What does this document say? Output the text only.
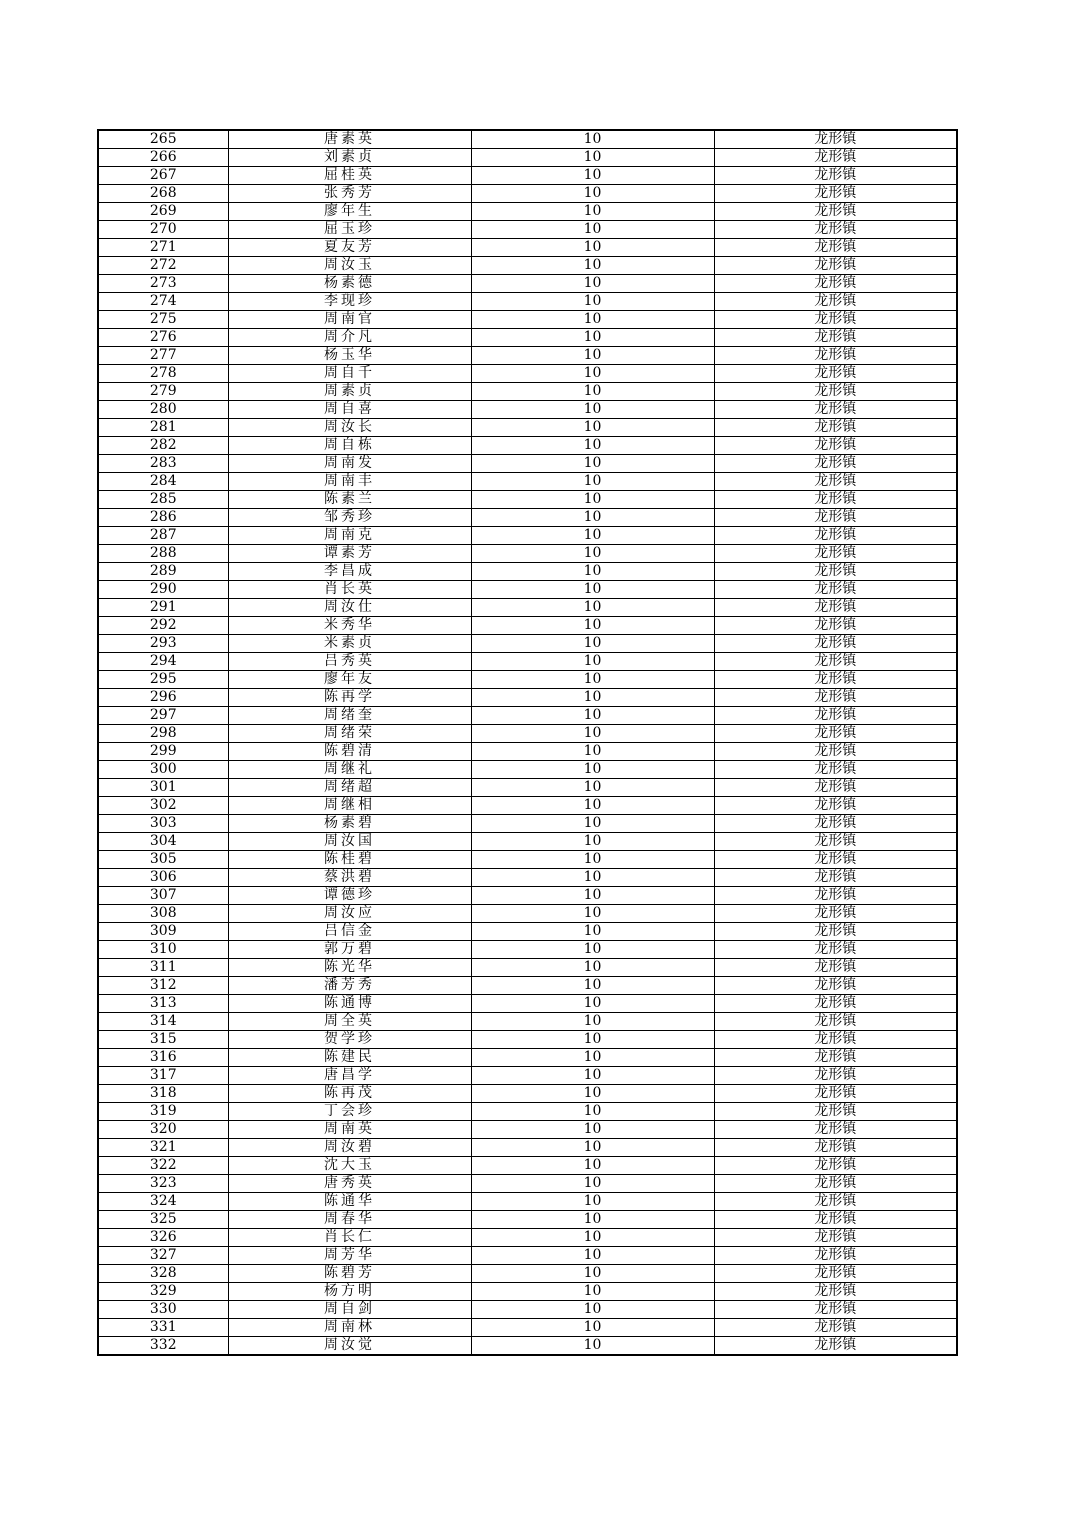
265	唐素英	10	龙形镇
266	刘素贞	10	龙形镇
267	屈桂英	10	龙形镇
268	张秀芳	10	龙形镇
269	廖年生	10	龙形镇
270	屈玉珍	10	龙形镇
271	夏友芳	10	龙形镇
272	周汝玉	10	龙形镇
273	杨素德	10	龙形镇
274	李现珍	10	龙形镇
275	周南官	10	龙形镇
276	周介凡	10	龙形镇
277	杨玉华	10	龙形镇
278	周自千	10	龙形镇
279	周素贞	10	龙形镇
280	周自喜	10	龙形镇
281	周汝长	10	龙形镇
282	周自栋	10	龙形镇
283	周南发	10	龙形镇
284	周南丰	10	龙形镇
285	陈素兰	10	龙形镇
286	邹秀珍	10	龙形镇
287	周南克	10	龙形镇
288	谭素芳	10	龙形镇
289	李昌成	10	龙形镇
290	肖长英	10	龙形镇
291	周汝仕	10	龙形镇
292	米秀华	10	龙形镇
293	米素贞	10	龙形镇
294	吕秀英	10	龙形镇
295	廖年友	10	龙形镇
296	陈再学	10	龙形镇
297	周绪奎	10	龙形镇
298	周绪荣	10	龙形镇
299	陈碧清	10	龙形镇
300	周继礼	10	龙形镇
301	周绪超	10	龙形镇
302	周继相	10	龙形镇
303	杨素碧	10	龙形镇
304	周汝国	10	龙形镇
305	陈桂碧	10	龙形镇
306	蔡洪碧	10	龙形镇
307	谭德珍	10	龙形镇
308	周汝应	10	龙形镇
309	吕信金	10	龙形镇
310	郭万碧	10	龙形镇
311	陈光华	10	龙形镇
312	潘芳秀	10	龙形镇
313	陈通博	10	龙形镇
314	周全英	10	龙形镇
315	贺学珍	10	龙形镇
316	陈建民	10	龙形镇
317	唐昌学	10	龙形镇
318	陈再茂	10	龙形镇
319	丁会珍	10	龙形镇
320	周南英	10	龙形镇
321	周汝碧	10	龙形镇
322	沈大玉	10	龙形镇
323	唐秀英	10	龙形镇
324	陈通华	10	龙形镇
325	周春华	10	龙形镇
326	肖长仁	10	龙形镇
327	周芳华	10	龙形镇
328	陈碧芳	10	龙形镇
329	杨方明	10	龙形镇
330	周自剑	10	龙形镇
331	周南林	10	龙形镇
332	周汝觉	10	龙形镇
